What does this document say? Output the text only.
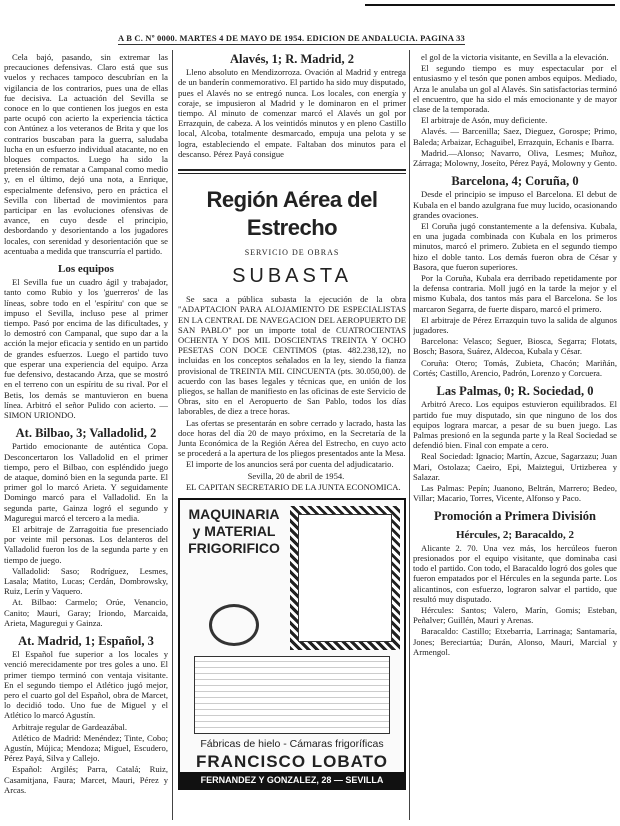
A B C. Nº 0000. MARTES 4 DE MAYO DE 1954. EDICION DE ANDALUCIA. PAGINA 33

Cela bajó, pasando, sin extremar las precauciones defensivas. Claro está que sus vuelos y rechaces tampoco descubrían en la vigilancia de los contrarios, pues una de ellas fue decisiva. La actuación del Sevilla se conoce en lo que contienen los juegos en esta parte ocupó con acierto la experiencia táctica con Antúnez a los veteranos de Brita y que los contrarios buscaban para la guerra, saludaba lucha en un esfuerzo individual atacante, no en bloques compactos. Luego ha sido la pretensión de rematar a Campanal como medio y, en el último, dejó una nota, a Enrique, especialmente defensivo, pero en práctica el Sevilla con libertad de movimientos para participar en las evoluciones ofensivas de avance, en cuyo desde el principio, desbordando y desorientando a los jugadores locales, con serenidad y desorientación que se acentuaba a medida que transcurría el partido.

Los equipos

El Sevilla fue un cuadro ágil y trabajador, tanto como Rubio y los 'guerreros' de las líneas, sobre todo en el 'espíritu' con que se impuso el Sevilla, incluso pese al primer tiempo. Pasó por encima de las dificultades, y lo demostró con Campanal, que supo dar a la acción la mejor eficacia y sentido en un partido de grandes esfuerzos. Luego el partido tuvo que esperar una experiencia del equipo. Arza fue defensivo, destacando Arza, que se mostró en el terreno con un espíritu de su rival. Por el Betis, los demás se mantuvieron en buena línea. Arbitró el señor Pulido con acierto. — SIMON URIONDO.

At. Bilbao, 3; Valladolid, 2

Partido emocionante de auténtica Copa. Desconcertaron los Valladolid en el primer tiempo, pero el Bilbao, con espléndido juego de ataque, dominó bien en la segunda parte. El primer gol lo marcó Arieta. Y seguidamente Domingo marcó para el Valladolid. En la segunda parte, Gainza logró el segundo y Maguregui marcó el tercero a la media.

El arbitraje de Zarragoitia fue presenciado por veinte mil personas. Los delanteros del Valladolid fueron los de la segunda parte y en tiempo de juego.

Valladolid: Saso; Rodríguez, Lesmes, Lasala; Matito, Lucas; Cerdán, Dombrowsky, Ruiz, Lerín y Vaquero.

At. Bilbao: Carmelo; Orúe, Venancio, Canito; Mauri, Garay; Iriondo, Marcaida, Arieta, Maguregui y Gainza.

At. Madrid, 1; Español, 3

El Español fue superior a los locales y venció merecidamente por tres goles a uno. El primer tiempo terminó con ventaja visitante. En el segundo tiempo el Atlético jugó mejor, pero el cuarto gol del Español, obra de Marcet, lo decidió todo. Uno fue de Miguel y el Atlético lo marcó Agustín.

Arbitraje regular de Gardeazábal.

Atlético de Madrid: Menéndez; Tinte, Cobo; Agustín, Mújica; Mendoza; Miguel, Escudero, Pérez Payá, Silva y Callejo.

Español: Argilés; Parra, Catalá; Ruiz, Casamitjana, Faura; Marcet, Mauri, Pérez y Arcas.

Alavés, 1; R. Madrid, 2

Lleno absoluto en Mendizorroza. Ovación al Madrid y entrega de un banderín conmemorativo. El partido ha sido muy disputado, pues el Alavés no se entregó nunca. Los locales, con energía y coraje, se impusieron al Madrid y le dominaron en el primer tiempo. Al minuto de comenzar marcó el Alavés un gol por Errazquin, de cabeza. A los veintidós minutos y en pleno Castillo local, Alcoba, totalmente desmarcado, empuja una pelota y se logra, estableciendo el empate. Faltaban dos minutos para el descanso. Pérez Payá consigue

Región Aérea del Estrecho
SERVICIO DE OBRAS
SUBASTA

Se saca a pública subasta la ejecución de la obra "ADAPTACION PARA ALOJAMIENTO DE ESPECIALISTAS EN LA CENTRAL DE NAVEGACION DEL AEROPUERTO DE SAN PABLO" por un importe total de CUATROCIENTAS OCHENTA Y DOS MIL DOSCIENTAS TREINTA Y OCHO PESETAS CON DOCE CENTIMOS (ptas. 482.238,12), no incluidas en los conceptos señalados en la ley, siendo la fianza provisional de TREINTA MIL CINCUENTA (pts. 30.050,00). de acuerdo con las bases legales y técnicas que, en unión de los pliegos, se hallan de manifiesto en las oficinas de este Servicio de Obras, sito en el Aeropuerto de San Pablo, todos los días laborables, de diez a trece horas.

Las ofertas se presentarán en sobre cerrado y lacrado, hasta las doce horas del día 20 de mayo próximo, en la Secretaría de la Junta Económica de la Región Aérea del Estrecho, en cuyo acto se procederá a la apertura de los pliegos presentados ante la Mesa.

El importe de los anuncios será por cuenta del adjudicatario.

Sevilla, 20 de abril de 1954.

EL CAPITAN SECRETARIO DE LA JUNTA ECONOMICA.

MAQUINARIA y MATERIAL FRIGORIFICO
Fábricas de hielo - Cámaras frigoríficas
FRANCISCO LOBATO
FERNANDEZ Y GONZALEZ, 28 — SEVILLA

el gol de la victoria visitante, en Sevilla a la elevación.

El segundo tiempo es muy espectacular por el entusiasmo y el tesón que ponen ambos equipos. Mediado, Arza le anulaba un gol al Alavés. Sin satisfactorias terminó el encuentro, que ha sido el más emocionante y de mayor clase de la temporada.

El arbitraje de Asón, muy deficiente.

Alavés. — Barcenilla; Saez, Dieguez, Gorospe; Primo, Baleda; Arbaizar, Echaguibel, Errazquin, Echanis e Ibarra.

Madrid.—Alonso; Navarro, Oliva, Lesmes; Muñoz, Zárraga; Molowny, Joseíto, Pérez Payá, Molowny y Gento.

Barcelona, 4; Coruña, 0

Desde el principio se impuso el Barcelona. El debut de Kubala en el bando azulgrana fue muy lucido, ocasionando grandes ovaciones.

El Coruña jugó constantemente a la defensiva. Kubala, en una jugada combinada con Kubala en los primeros minutos, marcó el primero. Zubieta en el segundo tiempo hizo el doble tanto. Los demás fueron obra de César y Basora, que fueron superiores.

Por la Coruña, Kubala era derribado repetidamente por la defensa contraria. Moll jugó en la tarde la mejor y el mismo Kubala, dos tantos más para el Barcelona. Se los marcaron Segarra, de fuerte disparo, marcó el primero.

El arbitraje de Pérez Errazquin tuvo la salida de algunos jugadores.

Barcelona: Velasco; Seguer, Biosca, Segarra; Flotats, Bosch; Basora, Suárez, Aldecoa, Kubala y César.

Coruña: Otero; Tomás, Zubieta, Chacón; Mariñán, Cortés; Castillo, Arencio, Padrón, Lorenzo y Corcuera.

Las Palmas, 0; R. Sociedad, 0

Arbitró Areco. Los equipos estuvieron equilibrados. El partido fue muy disputado, sin que ninguno de los dos equipos lograra marcar, a pesar de su buen juego. Las Palmas presionó en la segunda parte y la Real Sociedad se defendió bien. Final con empate a cero.

Real Sociedad: Ignacio; Martín, Azcue, Sagarzazu; Juan Mari, Ostolaza; Caeiro, Epi, Maiztegui, Urtizberea y Salazar.

Las Palmas: Pepín; Juanono, Beltrán, Marrero; Bedeo, Villar; Macario, Torres, Vicente, Alfonso y Paco.

Promoción a Primera División
Hércules, 2; Baracaldo, 2

Alicante 2. 70. Una vez más, los hercúleos fueron presionados por el equipo visitante, que dominaba casi todo el partido. Con todo, el Baracaldo logró dos goles que fueron empatados por el Hércules en la segunda parte. Los alicantinos, con esfuerzo, lograron salvar el partido, que resultó muy disputado.

Hércules: Santos; Valero, Marín, Gomis; Esteban, Peñalver; Guillén, Mauri y Arenas.

Baracaldo: Castillo; Etxebarria, Larrinaga; Santamaría, Jones; Bereciartúa; Durán, Alonso, Mauri, Marcial y Armengol.
